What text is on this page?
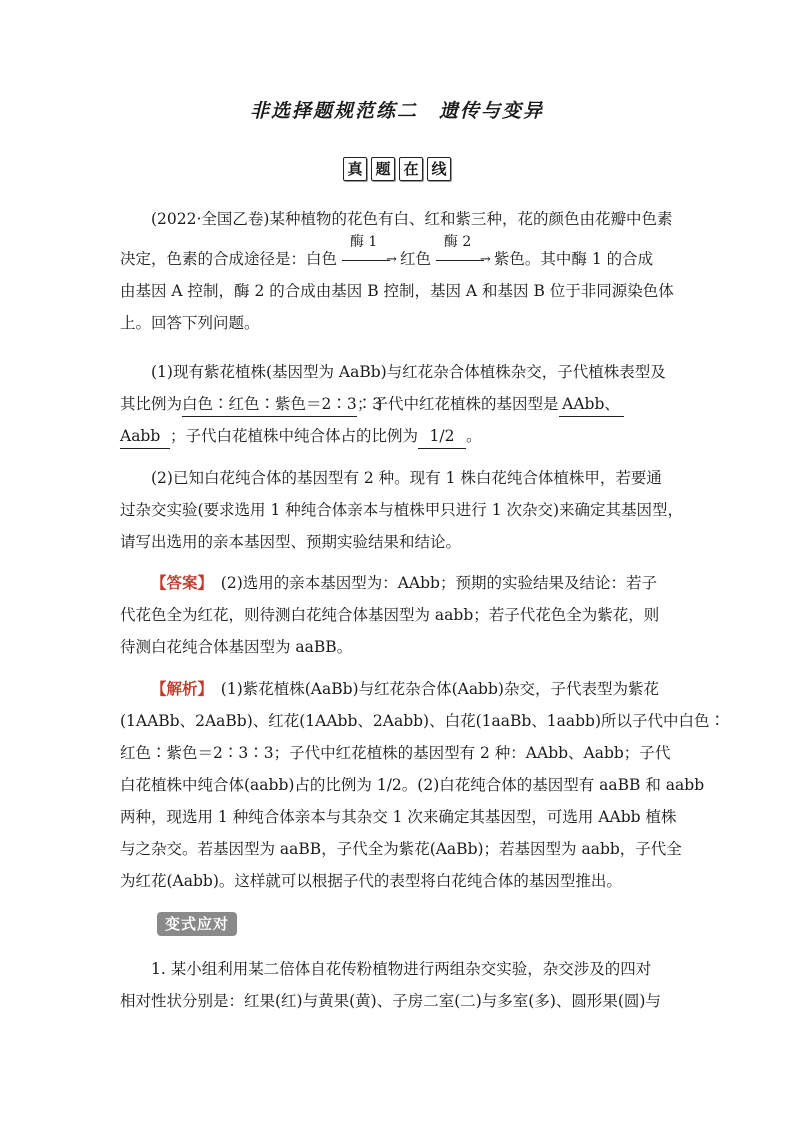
非选择题规范练二　遗传与变异
真 题 在 线
(2022·全国乙卷)某种植物的花色有白、红和紫三种，花的颜色由花瓣中色素
决定，色素的合成途径是：白色
酶 1
→ 红色
酶 2
→ 紫色。其中酶 1 的合成
由基因 A 控制，酶 2 的合成由基因 B 控制，基因 A 和基因 B 位于非同源染色体
上。回答下列问题。
(1)现有紫花植株(基因型为 AaBb)与红花杂合体植株杂交，子代植株表型及
其比例为白色∶红色∶紫色＝2∶3∶3；子代中红花植株的基因型是 AAbb、
Aabb ；子代白花植株中纯合体占的比例为 1/2 。
(2)已知白花纯合体的基因型有 2 种。现有 1 株白花纯合体植株甲，若要通
过杂交实验(要求选用 1 种纯合体亲本与植株甲只进行 1 次杂交)来确定其基因型，
请写出选用的亲本基因型、预期实验结果和结论。
【答案】　 (2)选用的亲本基因型为：AAbb；预期的实验结果及结论：若子
代花色全为红花，则待测白花纯合体基因型为 aabb；若子代花色全为紫花，则
待测白花纯合体基因型为 aaBB。
【解析】　 (1)紫花植株(AaBb)与红花杂合体(Aabb)杂交，子代表型为紫花
(1AABb、2AaBb)、红花(1AAbb、2Aabb)、白花(1aaBb、1aabb)所以子代中白色∶
红色∶紫色＝2∶3∶3；子代中红花植株的基因型有 2 种：AAbb、Aabb；子代
白花植株中纯合体(aabb)占的比例为 1/2。(2)白花纯合体的基因型有 aaBB 和 aabb
两种，现选用 1 种纯合体亲本与其杂交 1 次来确定其基因型，可选用 AAbb 植株
与之杂交。若基因型为 aaBB，子代全为紫花(AaBb)；若基因型为 aabb，子代全
为红花(Aabb)。这样就可以根据子代的表型将白花纯合体的基因型推出。
变式应对
1. 某小组利用某二倍体自花传粉植物进行两组杂交实验，杂交涉及的四对
相对性状分别是：红果(红)与黄果(黄)、子房二室(二)与多室(多)、圆形果(圆)与
